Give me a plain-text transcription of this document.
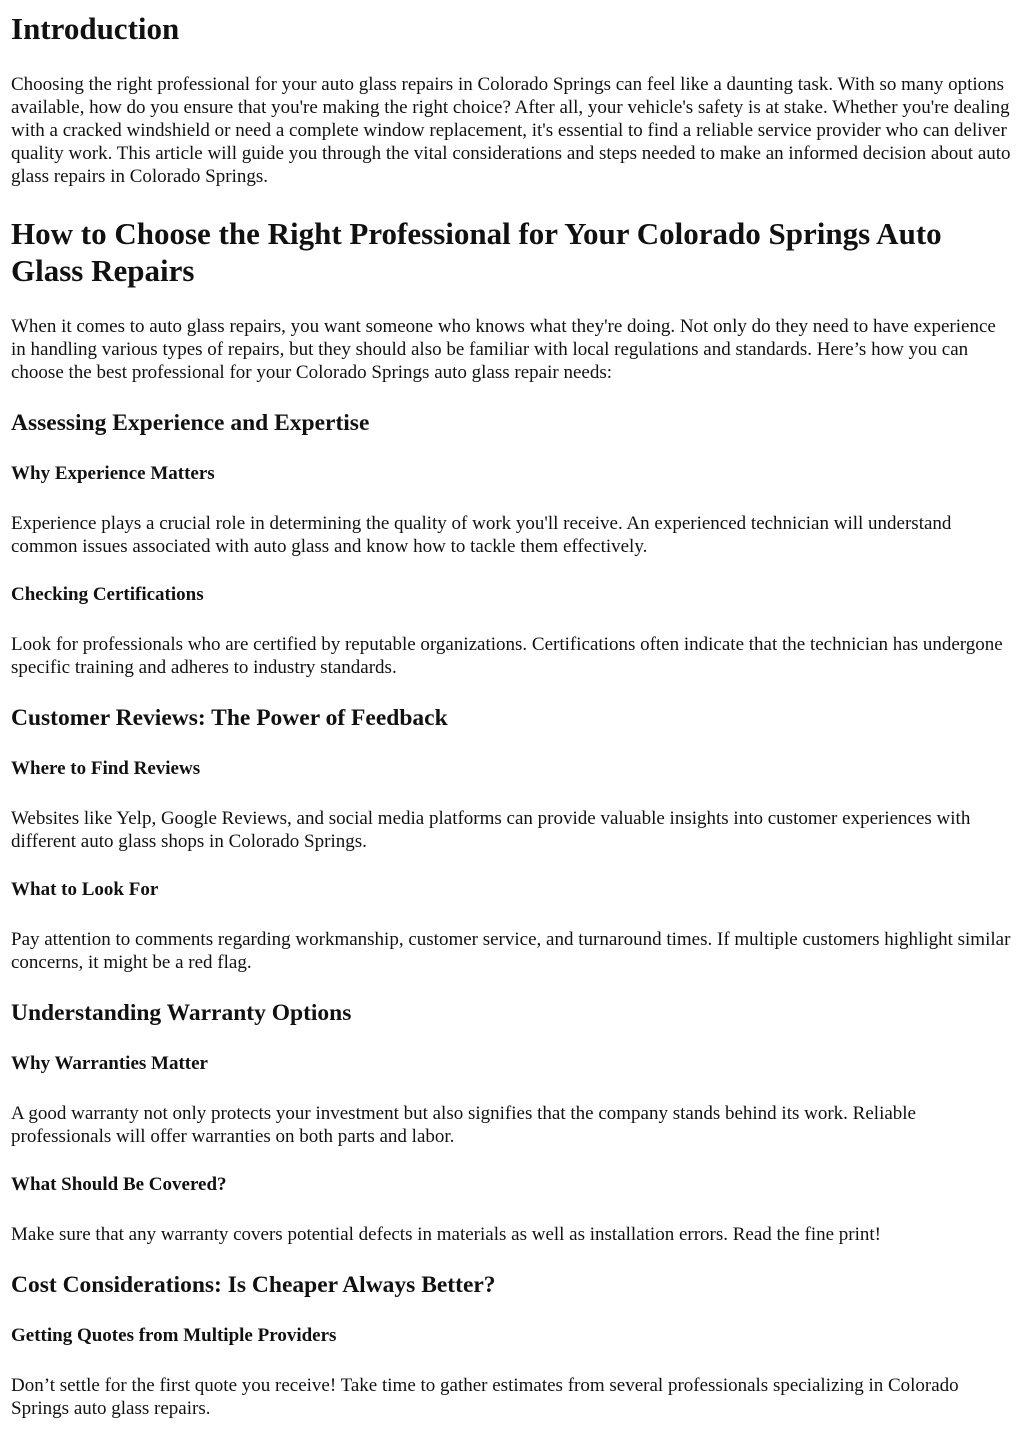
Introduction

Choosing the right professional for your auto glass repairs in Colorado Springs can feel like a daunting task. With so many options available, how do you ensure that you're making the right choice? After all, your vehicle's safety is at stake. Whether you're dealing with a cracked windshield or need a complete window replacement, it's essential to find a reliable service provider who can deliver quality work. This article will guide you through the vital considerations and steps needed to make an informed decision about auto glass repairs in Colorado Springs.

How to Choose the Right Professional for Your Colorado Springs Auto Glass Repairs

When it comes to auto glass repairs, you want someone who knows what they're doing. Not only do they need to have experience in handling various types of repairs, but they should also be familiar with local regulations and standards. Here’s how you can choose the best professional for your Colorado Springs auto glass repair needs:

Assessing Experience and Expertise
Why Experience Matters

Experience plays a crucial role in determining the quality of work you'll receive. An experienced technician will understand common issues associated with auto glass and know how to tackle them effectively.

Checking Certifications

Look for professionals who are certified by reputable organizations. Certifications often indicate that the technician has undergone specific training and adheres to industry standards.

Customer Reviews: The Power of Feedback
Where to Find Reviews

Websites like Yelp, Google Reviews, and social media platforms can provide valuable insights into customer experiences with different auto glass shops in Colorado Springs.

What to Look For

Pay attention to comments regarding workmanship, customer service, and turnaround times. If multiple customers highlight similar concerns, it might be a red flag.

Understanding Warranty Options
Why Warranties Matter

A good warranty not only protects your investment but also signifies that the company stands behind its work. Reliable professionals will offer warranties on both parts and labor.

What Should Be Covered?

Make sure that any warranty covers potential defects in materials as well as installation errors. Read the fine print!

Cost Considerations: Is Cheaper Always Better?
Getting Quotes from Multiple Providers

Don’t settle for the first quote you receive! Take time to gather estimates from several professionals specializing in Colorado Springs auto glass repairs.
